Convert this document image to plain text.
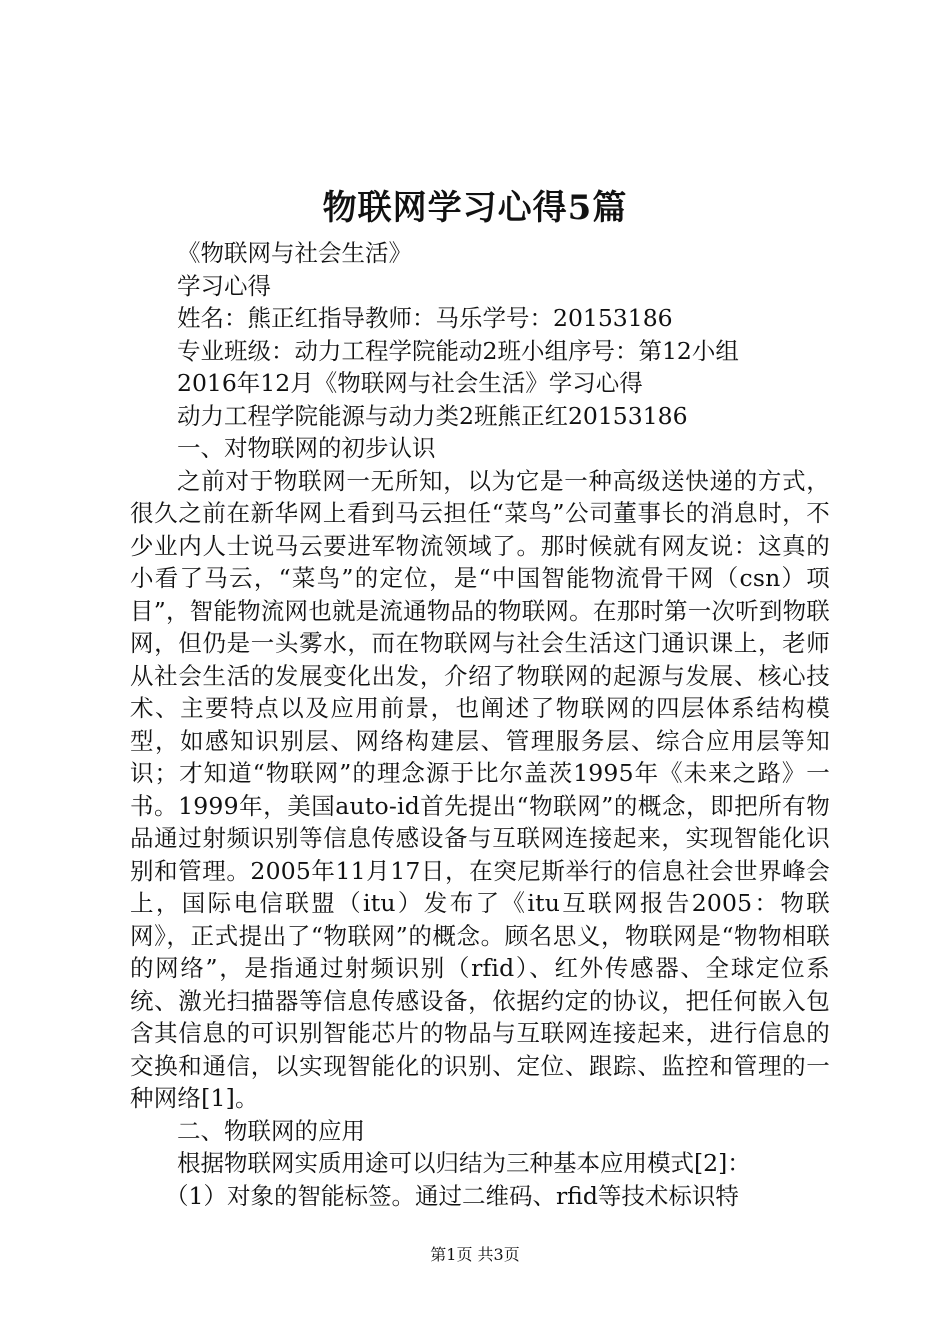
物联网学习心得5篇
《物联网与社会生活》
学习心得
姓名：熊正红指导教师：马乐学号：20153186
专业班级：动力工程学院能动2班小组序号：第12小组
2016年12月《物联网与社会生活》学习心得
动力工程学院能源与动力类2班熊正红20153186
一、对物联网的初步认识

之前对于物联网一无所知，以为它是一种高级送快递的方式，很久之前在新华网上看到马云担任“菜鸟”公司董事长的消息时，不少业内人士说马云要进军物流领域了。那时候就有网友说：这真的小看了马云，“菜鸟”的定位，是“中国智能物流骨干网（csn）项目”，智能物流网也就是流通物品的物联网。在那时第一次听到物联网，但仍是一头雾水，而在物联网与社会生活这门通识课上，老师从社会生活的发展变化出发，介绍了物联网的起源与发展、核心技术、主要特点以及应用前景，也阐述了物联网的四层体系结构模型，如感知识别层、网络构建层、管理服务层、综合应用层等知识；才知道“物联网”的理念源于比尔盖茨1995年《未来之路》一书。1999年，美国auto-id首先提出“物联网”的概念，即把所有物品通过射频识别等信息传感设备与互联网连接起来，实现智能化识别和管理。2005年11月17日，在突尼斯举行的信息社会世界峰会上，国际电信联盟（itu）发布了《itu互联网报告2005：物联网》，正式提出了“物联网”的概念。顾名思义，物联网是“物物相联的网络”，是指通过射频识别（rfid）、红外传感器、全球定位系统、激光扫描器等信息传感设备，依据约定的协议，把任何嵌入包含其信息的可识别智能芯片的物品与互联网连接起来，进行信息的交换和通信，以实现智能化的识别、定位、跟踪、监控和管理的一种网络[1]。

二、物联网的应用
根据物联网实质用途可以归结为三种基本应用模式[2]：
（1）对象的智能标签。通过二维码、rfid等技术标识特
第1页 共3页
